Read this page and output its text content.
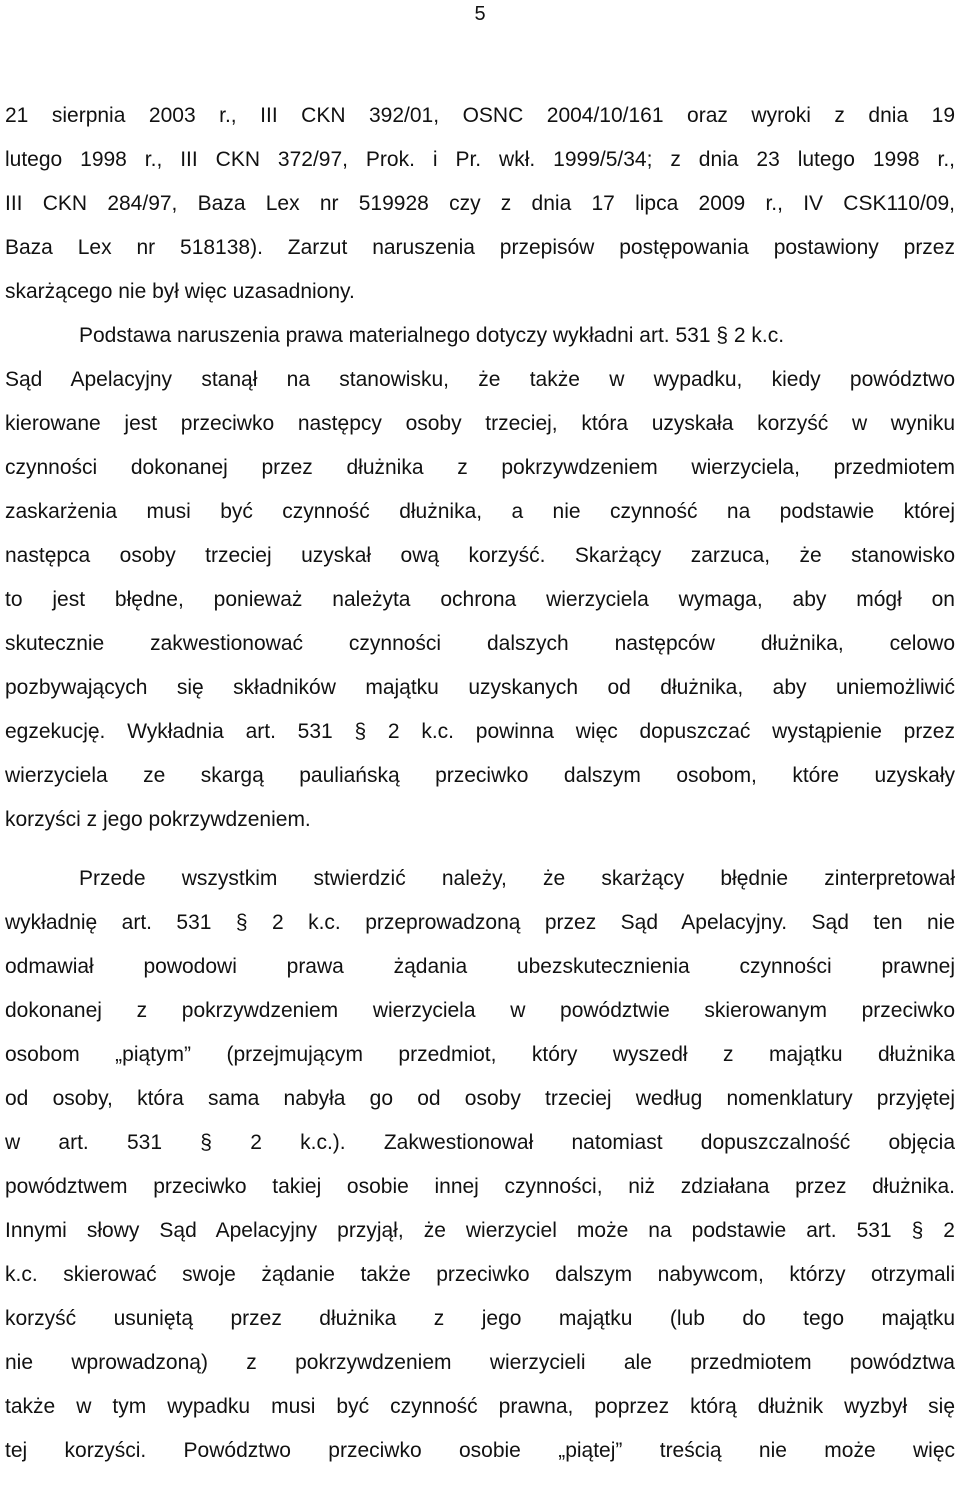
5
21 sierpnia 2003 r., III CKN 392/01, OSNC 2004/10/161 oraz wyroki z dnia 19
lutego 1998 r., III CKN 372/97, Prok. i Pr. wkł. 1999/5/34; z dnia 23 lutego 1998 r.,
III CKN 284/97, Baza Lex nr 519928 czy z dnia 17 lipca 2009 r., IV CSK110/09,
Baza Lex nr 518138). Zarzut naruszenia przepisów postępowania postawiony przez
skarżącego nie był więc uzasadniony.
Podstawa naruszenia prawa materialnego dotyczy wykładni art. 531 § 2 k.c.
Sąd Apelacyjny stanął na stanowisku, że także w wypadku, kiedy powództwo
kierowane jest przeciwko następcy osoby trzeciej, która uzyskała korzyść w wyniku
czynności dokonanej przez dłużnika z pokrzywdzeniem wierzyciela, przedmiotem
zaskarżenia musi być czynność dłużnika, a nie czynność na podstawie której
następca osoby trzeciej uzyskał ową korzyść. Skarżący zarzuca, że stanowisko
to jest błędne, ponieważ należyta ochrona wierzyciela wymaga, aby mógł on
skutecznie zakwestionować czynności dalszych następców dłużnika, celowo
pozbywających się składników majątku uzyskanych od dłużnika, aby uniemożliwić
egzekucję. Wykładnia art. 531 § 2 k.c. powinna więc dopuszczać wystąpienie przez
wierzyciela ze skargą pauliańską przeciwko dalszym osobom, które uzyskały
korzyści z jego pokrzywdzeniem.
Przede wszystkim stwierdzić należy, że skarżący błędnie zinterpretował
wykładnię art. 531 § 2 k.c. przeprowadzoną przez Sąd Apelacyjny. Sąd ten nie
odmawiał powodowi prawa żądania ubezskutecznienia czynności prawnej
dokonanej z pokrzywdzeniem wierzyciela w powództwie skierowanym przeciwko
osobom „piątym” (przejmującym przedmiot, który wyszedł z majątku dłużnika
od osoby, która sama nabyła go od osoby trzeciej według nomenklatury przyjętej
w art. 531 § 2 k.c.). Zakwestionował natomiast dopuszczalność objęcia
powództwem przeciwko takiej osobie innej czynności, niż zdziałana przez dłużnika.
Innymi słowy Sąd Apelacyjny przyjął, że wierzyciel może na podstawie art. 531 § 2
k.c. skierować swoje żądanie także przeciwko dalszym nabywcom, którzy otrzymali
korzyść usuniętą przez dłużnika z jego majątku (lub do tego majątku
nie wprowadzoną) z pokrzywdzeniem wierzycieli ale przedmiotem powództwa
także w tym wypadku musi być czynność prawna, poprzez którą dłużnik wyzbył się
tej korzyści. Powództwo przeciwko osobie „piątej” treścią nie może więc
